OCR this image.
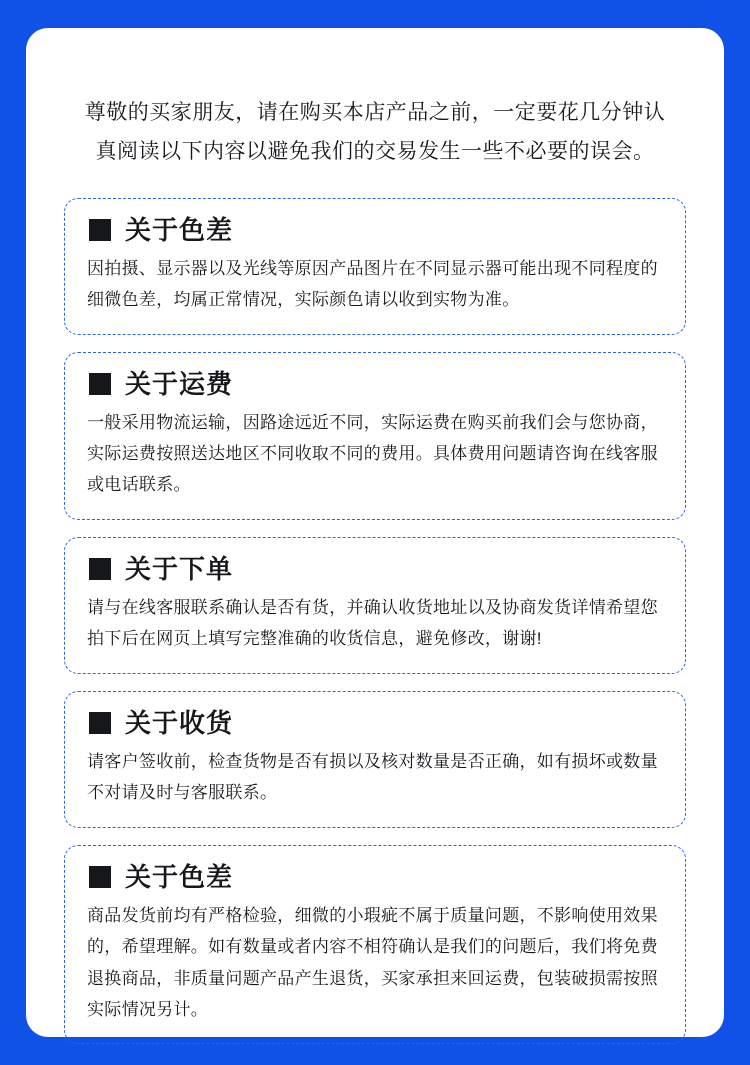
尊敬的买家朋友，请在购买本店产品之前，一定要花几分钟认真阅读以下内容以避免我们的交易发生一些不必要的误会。
关于色差
因拍摄、显示器以及光线等原因产品图片在不同显示器可能出现不同程度的细微色差，均属正常情况，实际颜色请以收到实物为准。
关于运费
一般采用物流运输，因路途远近不同，实际运费在购买前我们会与您协商，实际运费按照送达地区不同收取不同的费用。具体费用问题请咨询在线客服或电话联系。
关于下单
请与在线客服联系确认是否有货，并确认收货地址以及协商发货详情希望您拍下后在网页上填写完整准确的收货信息，避免修改，谢谢!
关于收货
请客户签收前，检查货物是否有损以及核对数量是否正确，如有损坏或数量不对请及时与客服联系。
关于色差
商品发货前均有严格检验，细微的小瑕疵不属于质量问题，不影响使用效果的，希望理解。如有数量或者内容不相符确认是我们的问题后，我们将免费退换商品，非质量问题产品产生退货，买家承担来回运费，包装破损需按照实际情况另计。
